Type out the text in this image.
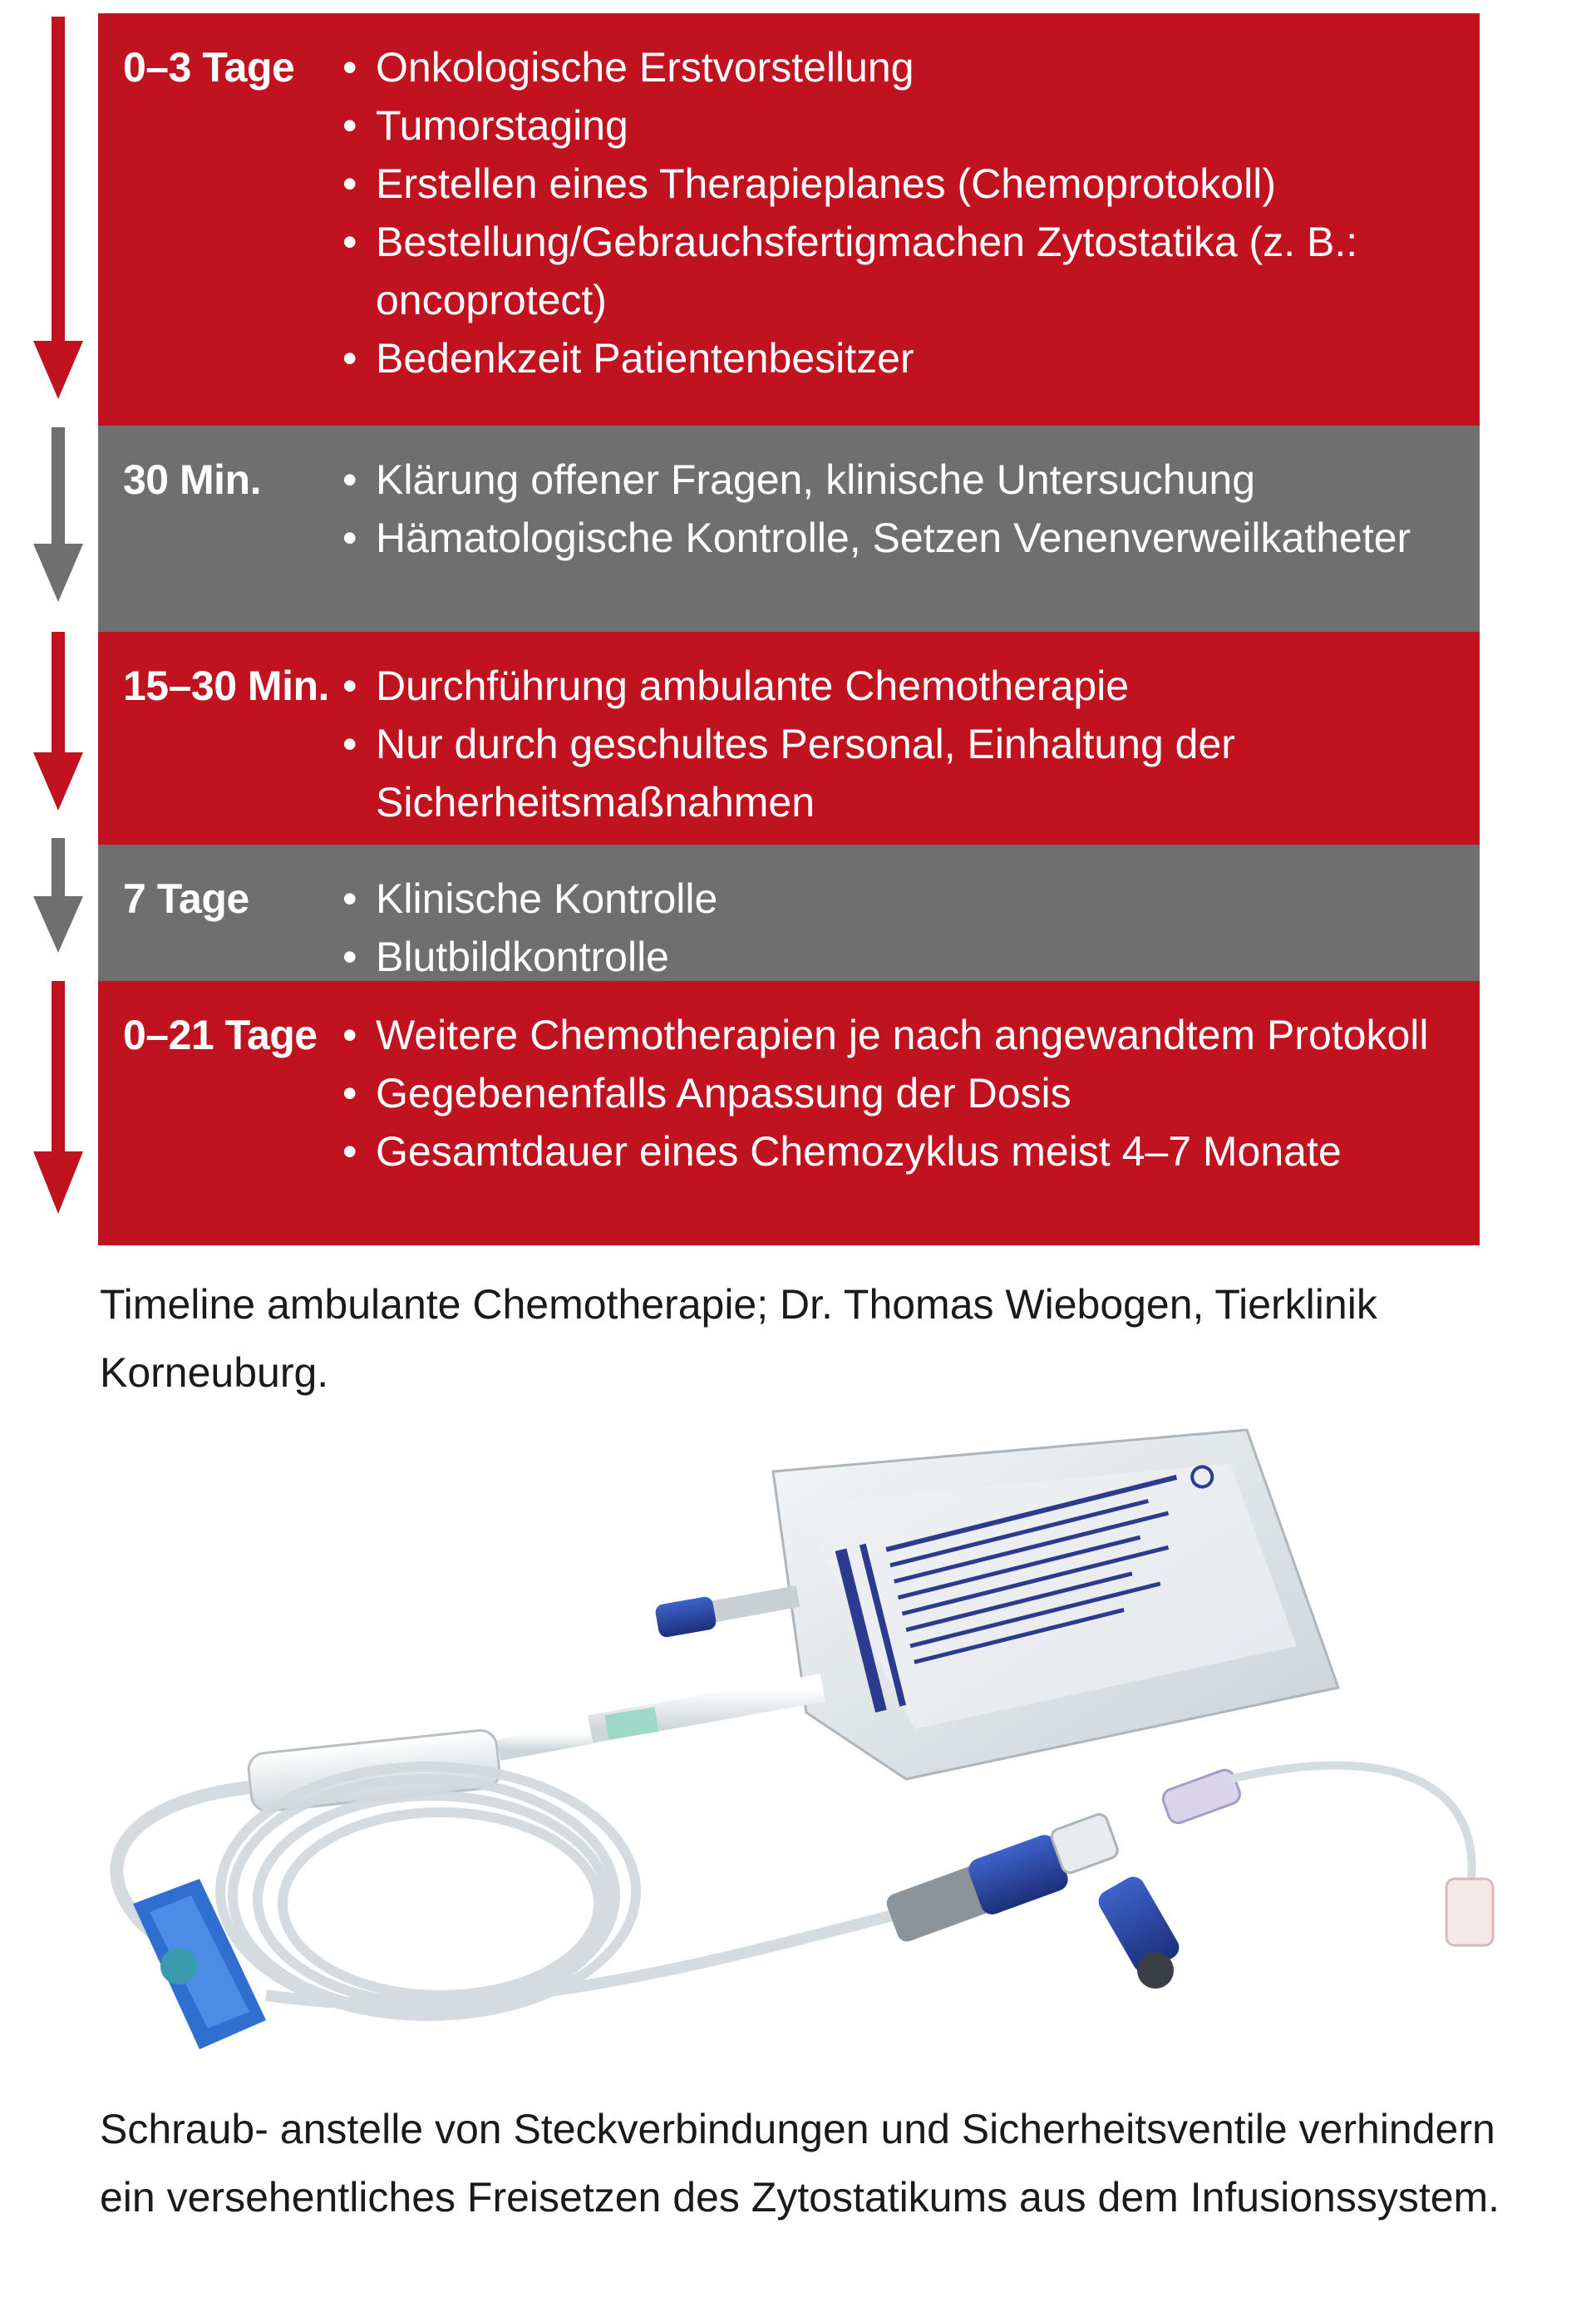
0–3 Tage	• Onkologische Erstvorstellung
• Tumorstaging
• Erstellen eines Therapieplanes (Chemoprotokoll)
• Bestellung/Gebrauchsfertigmachen Zytostatika (z. B.: oncoprotect)
• Bedenkzeit Patientenbesitzer
30 Min.	• Klärung offener Fragen, klinische Untersuchung
• Hämatologische Kontrolle, Setzen Venenverweilkatheter
15–30 Min.	• Durchführung ambulante Chemotherapie
• Nur durch geschultes Personal, Einhaltung der Sicherheitsmaßnahmen
7 Tage	• Klinische Kontrolle
• Blutbildkontrolle
0–21 Tage	• Weitere Chemotherapien je nach angewandtem Protokoll
• Gegebenenfalls Anpassung der Dosis
• Gesamtdauer eines Chemozyklus meist 4–7 Monate
Timeline ambulante Chemotherapie; Dr. Thomas Wiebogen, Tierklinik Korneuburg.
Schraub- anstelle von Steckverbindungen und Sicherheitsventile verhindern ein versehentliches Freisetzen des Zytostatikums aus dem Infusionssystem.
